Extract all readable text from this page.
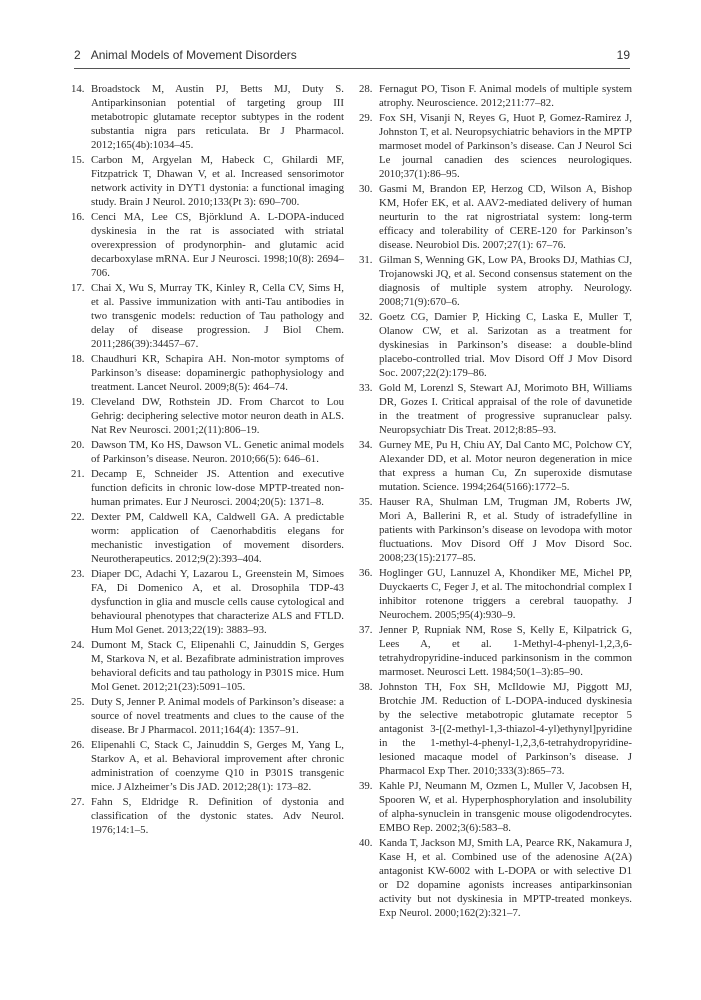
2 Animal Models of Movement Disorders	19
14. Broadstock M, Austin PJ, Betts MJ, Duty S. Antiparkinsonian potential of targeting group III metabotropic glutamate receptor subtypes in the rodent substantia nigra pars reticulata. Br J Pharmacol. 2012;165(4b):1034–45.
15. Carbon M, Argyelan M, Habeck C, Ghilardi MF, Fitzpatrick T, Dhawan V, et al. Increased sensorimotor network activity in DYT1 dystonia: a functional imaging study. Brain J Neurol. 2010;133(Pt 3): 690–700.
16. Cenci MA, Lee CS, Björklund A. L-DOPA-induced dyskinesia in the rat is associated with striatal overexpression of prodynorphin- and glutamic acid decarboxylase mRNA. Eur J Neurosci. 1998;10(8): 2694–706.
17. Chai X, Wu S, Murray TK, Kinley R, Cella CV, Sims H, et al. Passive immunization with anti-Tau antibodies in two transgenic models: reduction of Tau pathology and delay of disease progression. J Biol Chem. 2011;286(39):34457–67.
18. Chaudhuri KR, Schapira AH. Non-motor symptoms of Parkinson’s disease: dopaminergic pathophysiology and treatment. Lancet Neurol. 2009;8(5): 464–74.
19. Cleveland DW, Rothstein JD. From Charcot to Lou Gehrig: deciphering selective motor neuron death in ALS. Nat Rev Neurosci. 2001;2(11):806–19.
20. Dawson TM, Ko HS, Dawson VL. Genetic animal models of Parkinson’s disease. Neuron. 2010;66(5): 646–61.
21. Decamp E, Schneider JS. Attention and executive function deficits in chronic low-dose MPTP-treated non-human primates. Eur J Neurosci. 2004;20(5): 1371–8.
22. Dexter PM, Caldwell KA, Caldwell GA. A predictable worm: application of Caenorhabditis elegans for mechanistic investigation of movement disorders. Neurotherapeutics. 2012;9(2):393–404.
23. Diaper DC, Adachi Y, Lazarou L, Greenstein M, Simoes FA, Di Domenico A, et al. Drosophila TDP-43 dysfunction in glia and muscle cells cause cytological and behavioural phenotypes that characterize ALS and FTLD. Hum Mol Genet. 2013;22(19): 3883–93.
24. Dumont M, Stack C, Elipenahli C, Jainuddin S, Gerges M, Starkova N, et al. Bezafibrate administration improves behavioral deficits and tau pathology in P301S mice. Hum Mol Genet. 2012;21(23):5091–105.
25. Duty S, Jenner P. Animal models of Parkinson’s disease: a source of novel treatments and clues to the cause of the disease. Br J Pharmacol. 2011;164(4): 1357–91.
26. Elipenahli C, Stack C, Jainuddin S, Gerges M, Yang L, Starkov A, et al. Behavioral improvement after chronic administration of coenzyme Q10 in P301S transgenic mice. J Alzheimer’s Dis JAD. 2012;28(1): 173–82.
27. Fahn S, Eldridge R. Definition of dystonia and classification of the dystonic states. Adv Neurol. 1976;14:1–5.
28. Fernagut PO, Tison F. Animal models of multiple system atrophy. Neuroscience. 2012;211:77–82.
29. Fox SH, Visanji N, Reyes G, Huot P, Gomez-Ramirez J, Johnston T, et al. Neuropsychiatric behaviors in the MPTP marmoset model of Parkinson’s disease. Can J Neurol Sci Le journal canadien des sciences neurologiques. 2010;37(1):86–95.
30. Gasmi M, Brandon EP, Herzog CD, Wilson A, Bishop KM, Hofer EK, et al. AAV2-mediated delivery of human neurturin to the rat nigrostriatal system: long-term efficacy and tolerability of CERE-120 for Parkinson’s disease. Neurobiol Dis. 2007;27(1): 67–76.
31. Gilman S, Wenning GK, Low PA, Brooks DJ, Mathias CJ, Trojanowski JQ, et al. Second consensus statement on the diagnosis of multiple system atrophy. Neurology. 2008;71(9):670–6.
32. Goetz CG, Damier P, Hicking C, Laska E, Muller T, Olanow CW, et al. Sarizotan as a treatment for dyskinesias in Parkinson’s disease: a double-blind placebo-controlled trial. Mov Disord Off J Mov Disord Soc. 2007;22(2):179–86.
33. Gold M, Lorenzl S, Stewart AJ, Morimoto BH, Williams DR, Gozes I. Critical appraisal of the role of davunetide in the treatment of progressive supranuclear palsy. Neuropsychiatr Dis Treat. 2012;8:85–93.
34. Gurney ME, Pu H, Chiu AY, Dal Canto MC, Polchow CY, Alexander DD, et al. Motor neuron degeneration in mice that express a human Cu, Zn superoxide dismutase mutation. Science. 1994;264(5166):1772–5.
35. Hauser RA, Shulman LM, Trugman JM, Roberts JW, Mori A, Ballerini R, et al. Study of istradefylline in patients with Parkinson’s disease on levodopa with motor fluctuations. Mov Disord Off J Mov Disord Soc. 2008;23(15):2177–85.
36. Hoglinger GU, Lannuzel A, Khondiker ME, Michel PP, Duyckaerts C, Feger J, et al. The mitochondrial complex I inhibitor rotenone triggers a cerebral tauopathy. J Neurochem. 2005;95(4):930–9.
37. Jenner P, Rupniak NM, Rose S, Kelly E, Kilpatrick G, Lees A, et al. 1-Methyl-4-phenyl-1,2,3,6-tetrahydropyridine-induced parkinsonism in the common marmoset. Neurosci Lett. 1984;50(1–3):85–90.
38. Johnston TH, Fox SH, McIldowie MJ, Piggott MJ, Brotchie JM. Reduction of L-DOPA-induced dyskinesia by the selective metabotropic glutamate receptor 5 antagonist 3-[(2-methyl-1,3-thiazol-4-yl)ethynyl]pyridine in the 1-methyl-4-phenyl-1,2,3,6-tetrahydropyridine-lesioned macaque model of Parkinson’s disease. J Pharmacol Exp Ther. 2010;333(3):865–73.
39. Kahle PJ, Neumann M, Ozmen L, Muller V, Jacobsen H, Spooren W, et al. Hyperphosphorylation and insolubility of alpha-synuclein in transgenic mouse oligodendrocytes. EMBO Rep. 2002;3(6):583–8.
40. Kanda T, Jackson MJ, Smith LA, Pearce RK, Nakamura J, Kase H, et al. Combined use of the adenosine A(2A) antagonist KW-6002 with L-DOPA or with selective D1 or D2 dopamine agonists increases antiparkinsonian activity but not dyskinesia in MPTP-treated monkeys. Exp Neurol. 2000;162(2):321–7.
